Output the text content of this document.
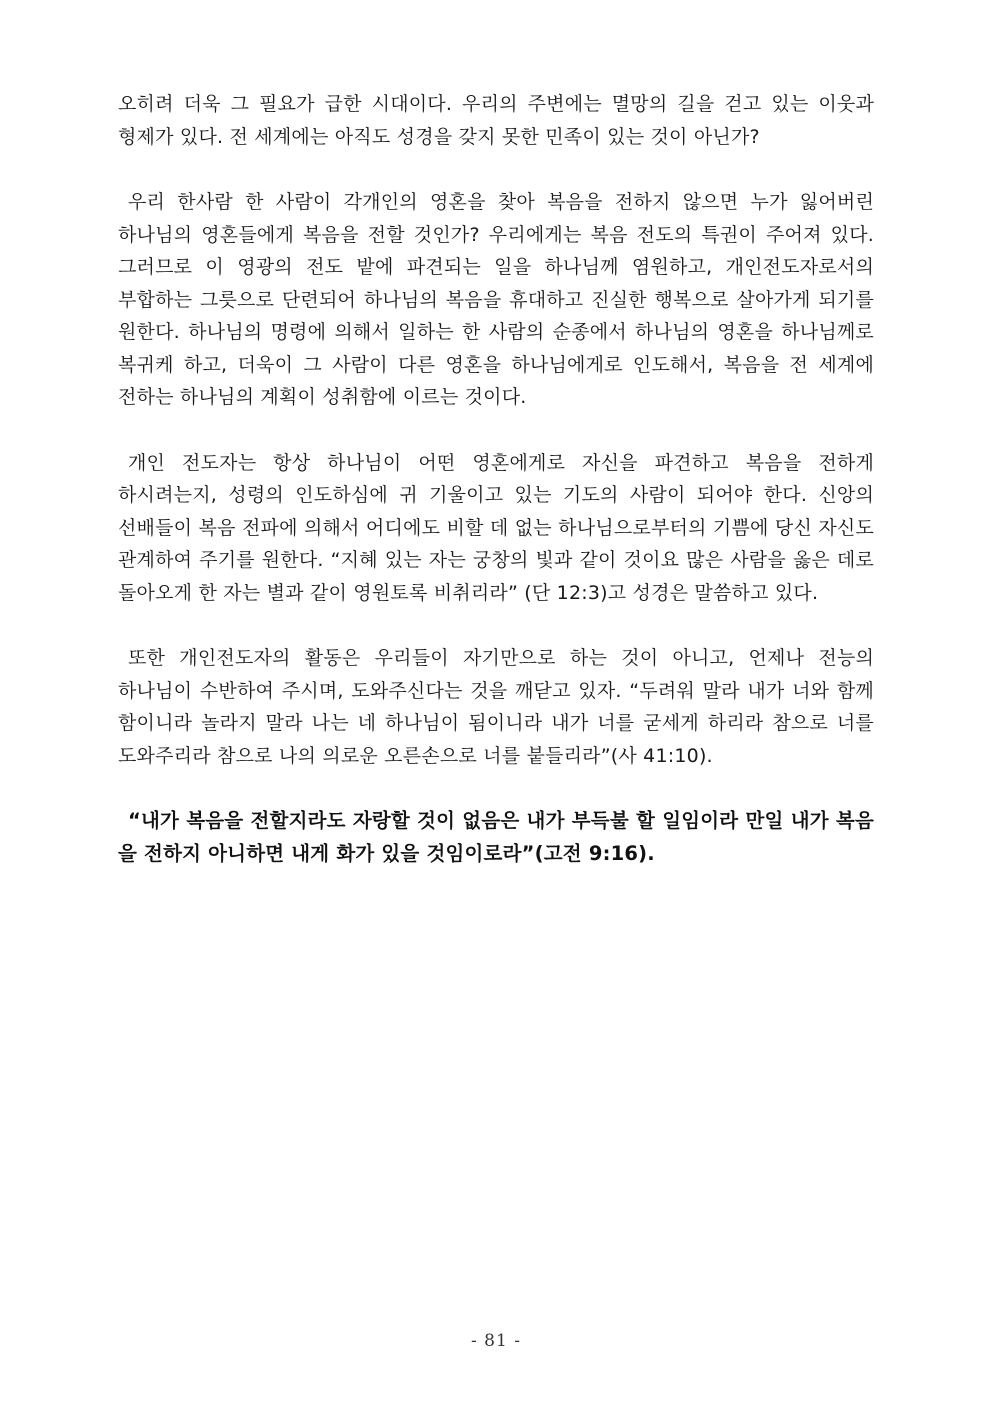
오히려 더욱 그 필요가 급한 시대이다. 우리의 주변에는 멸망의 길을 걷고 있는 이웃과 형제가 있다. 전 세계에는 아직도 성경을 갖지 못한 민족이 있는 것이 아닌가?

우리 한사람 한 사람이 각개인의 영혼을 찾아 복음을 전하지 않으면 누가 잃어버린 하나님의 영혼들에게 복음을 전할 것인가? 우리에게는 복음 전도의 특권이 주어져 있다. 그러므로 이 영광의 전도 밭에 파견되는 일을 하나님께 염원하고, 개인전도자로서의 부합하는 그릇으로 단련되어 하나님의 복음을 휴대하고 진실한 행복으로 살아가게 되기를 원한다. 하나님의 명령에 의해서 일하는 한 사람의 순종에서 하나님의 영혼을 하나님께로 복귀케 하고, 더욱이 그 사람이 다른 영혼을 하나님에게로 인도해서, 복음을 전 세계에 전하는 하나님의 계획이 성취함에 이르는 것이다.

개인 전도자는 항상 하나님이 어떤 영혼에게로 자신을 파견하고 복음을 전하게 하시려는지, 성령의 인도하심에 귀 기울이고 있는 기도의 사람이 되어야 한다. 신앙의 선배들이 복음 전파에 의해서 어디에도 비할 데 없는 하나님으로부터의 기쁨에 당신 자신도 관계하여 주기를 원한다. “지혜 있는 자는 궁창의 빛과 같이 것이요 많은 사람을 옳은 데로 돌아오게 한 자는 별과 같이 영원토록 비취리라” (단 12:3)고 성경은 말씀하고 있다.

또한 개인전도자의 활동은 우리들이 자기만으로 하는 것이 아니고, 언제나 전능의 하나님이 수반하여 주시며, 도와주신다는 것을 깨닫고 있자. “두려워 말라 내가 너와 함께 함이니라 놀라지 말라 나는 네 하나님이 됨이니라 내가 너를 굳세게 하리라 참으로 너를 도와주리라 참으로 나의 의로운 오른손으로 너를 붙들리라”(사 41:10).

“내가 복음을 전할지라도 자랑할 것이 없음은 내가 부득불 할 일임이라 만일 내가 복음을 전하지 아니하면 내게 화가 있을 것임이로라”(고전 9:16).

- 81 -
